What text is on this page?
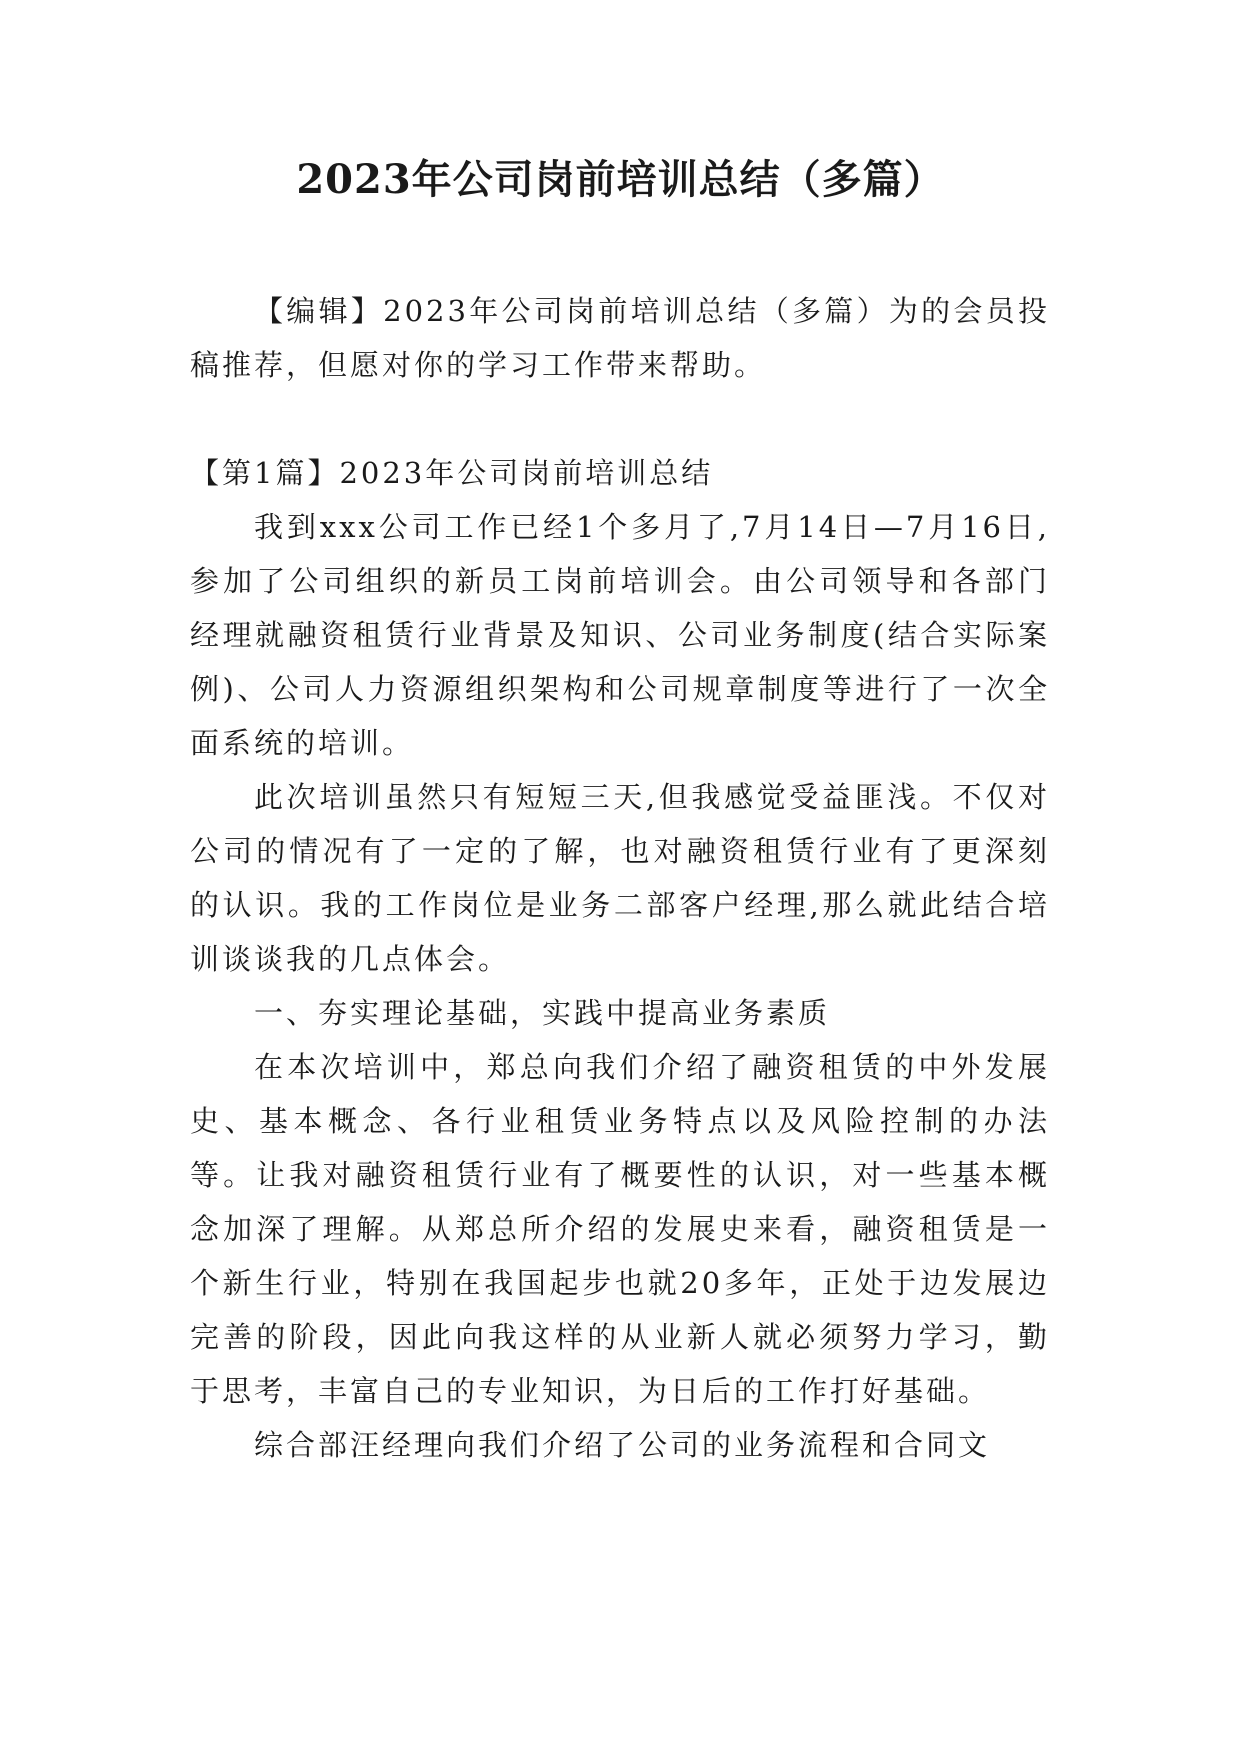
2023年公司岗前培训总结（多篇）

【编辑】2023年公司岗前培训总结（多篇）为的会员投稿推荐，但愿对你的学习工作带来帮助。

【第1篇】2023年公司岗前培训总结

我到xxx公司工作已经1个多月了,7月14日—7月16日,参加了公司组织的新员工岗前培训会。由公司领导和各部门经理就融资租赁行业背景及知识、公司业务制度(结合实际案例)、公司人力资源组织架构和公司规章制度等进行了一次全面系统的培训。

此次培训虽然只有短短三天,但我感觉受益匪浅。不仅对公司的情况有了一定的了解，也对融资租赁行业有了更深刻的认识。我的工作岗位是业务二部客户经理,那么就此结合培训谈谈我的几点体会。

一、夯实理论基础，实践中提高业务素质

在本次培训中，郑总向我们介绍了融资租赁的中外发展史、基本概念、各行业租赁业务特点以及风险控制的办法等。让我对融资租赁行业有了概要性的认识，对一些基本概念加深了理解。从郑总所介绍的发展史来看，融资租赁是一个新生行业，特别在我国起步也就20多年，正处于边发展边完善的阶段，因此向我这样的从业新人就必须努力学习，勤于思考，丰富自己的专业知识，为日后的工作打好基础。

综合部汪经理向我们介绍了公司的业务流程和合同文
